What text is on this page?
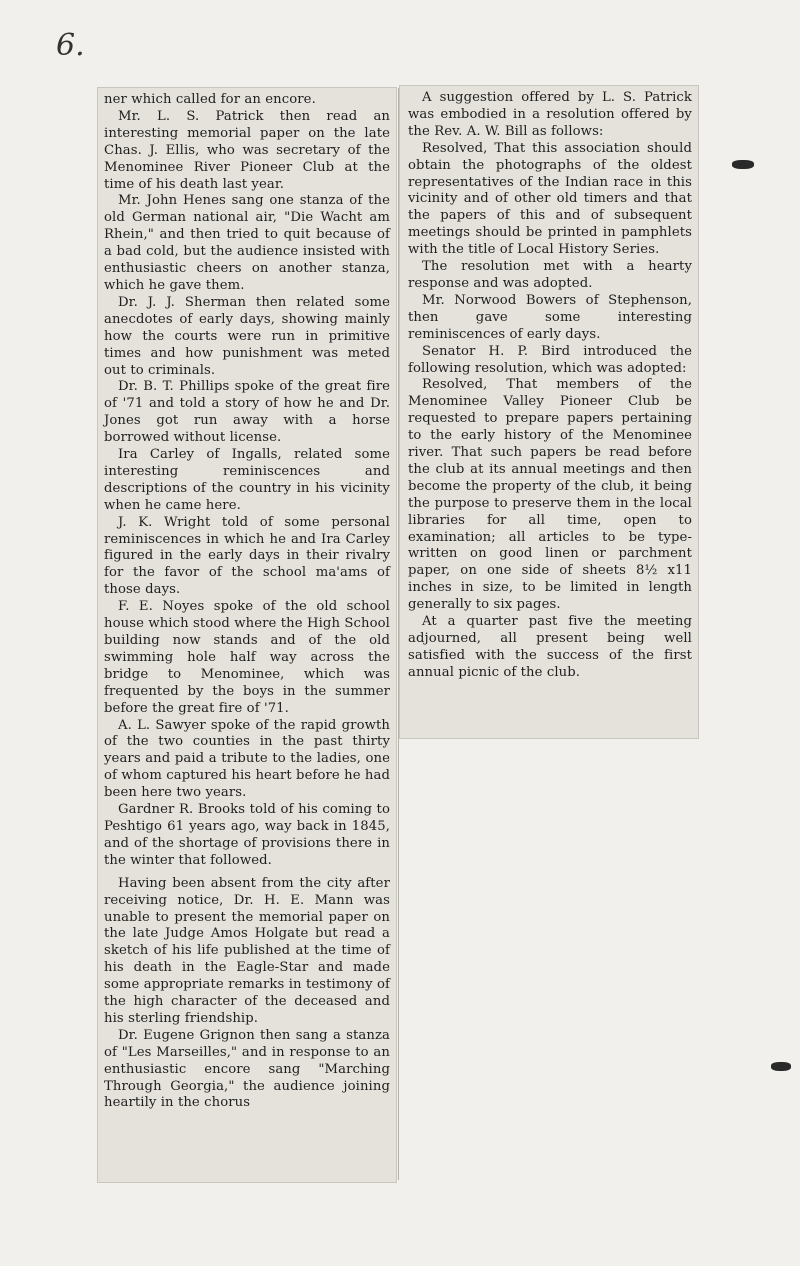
6.

ner which called for an encore.

Mr. L. S. Patrick then read an interesting memorial paper on the late Chas. J. Ellis, who was secretary of the Menominee River Pioneer Club at the time of his death last year.

Mr. John Henes sang one stanza of the old German national air, "Die Wacht am Rhein," and then tried to quit because of a bad cold, but the audience insisted with enthusiastic cheers on another stanza, which he gave them.

Dr. J. J. Sherman then related some anecdotes of early days, showing mainly how the courts were run in primitive times and how punishment was meted out to criminals.

Dr. B. T. Phillips spoke of the great fire of '71 and told a story of how he and Dr. Jones got run away with a horse borrowed without license.

Ira Carley of Ingalls, related some interesting reminiscences and descriptions of the country in his vicinity when he came here.

J. K. Wright told of some personal reminiscences in which he and Ira Carley figured in the early days in their rivalry for the favor of the school ma'ams of those days.

F. E. Noyes spoke of the old school house which stood where the High School building now stands and of the old swimming hole half way across the bridge to Menominee, which was frequented by the boys in the summer before the great fire of '71.

A. L. Sawyer spoke of the rapid growth of the two counties in the past thirty years and paid a tribute to the ladies, one of whom captured his heart before he had been here two years.

Gardner R. Brooks told of his coming to Peshtigo 61 years ago, way back in 1845, and of the shortage of provisions there in the winter that followed.

Having been absent from the city after receiving notice, Dr. H. E. Mann was unable to present the memorial paper on the late Judge Amos Holgate but read a sketch of his life published at the time of his death in the Eagle-Star and made some appropriate remarks in testimony of the high character of the deceased and his sterling friendship.

Dr. Eugene Grignon then sang a stanza of "Les Marseilles," and in response to an enthusiastic encore sang "Marching Through Georgia," the audience joining heartily in the chorus

A suggestion offered by L. S. Patrick was embodied in a resolution offered by the Rev. A. W. Bill as follows:

Resolved, That this association should obtain the photographs of the oldest representatives of the Indian race in this vicinity and of other old timers and that the papers of this and of subsequent meetings should be printed in pamphlets with the title of Local History Series.

The resolution met with a hearty response and was adopted.

Mr. Norwood Bowers of Stephenson, then gave some interesting reminiscences of early days.

Senator H. P. Bird introduced the following resolution, which was adopted:

Resolved, That members of the Menominee Valley Pioneer Club be requested to prepare papers pertaining to the early history of the Menominee river. That such papers be read before the club at its annual meetings and then become the property of the club, it being the purpose to preserve them in the local libraries for all time, open to examination; all articles to be type-written on good linen or parchment paper, on one side of sheets 8½ x11 inches in size, to be limited in length generally to six pages.

At a quarter past five the meeting adjourned, all present being well satisfied with the success of the first annual picnic of the club.
